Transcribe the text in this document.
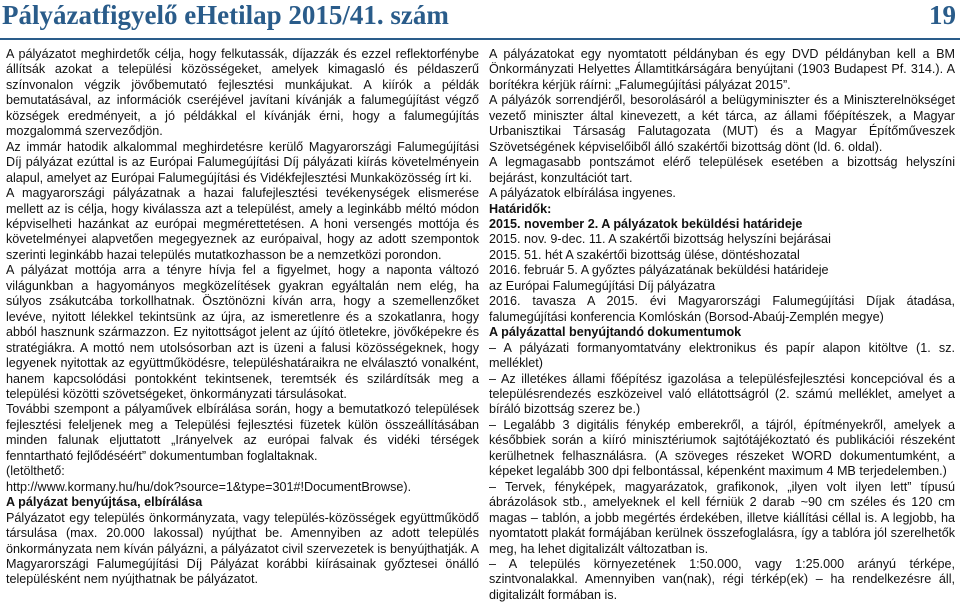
Pályázatfigyelő eHetilap 2015/41. szám	19

A pályázatot meghirdetők célja, hogy felkutassák, díjazzák és ezzel reflektorfénybe állítsák azokat a települési közösségeket, amelyek kimagasló és példaszerű színvonalon végzik jövőbemutató fejlesztési munkájukat. A kiírók a példák bemutatásával, az információk cseréjével javítani kívánják a falumegújítást végző községek eredményeit, a jó példákkal el kívánják érni, hogy a falumegújítás mozgalommá szerveződjön.

Az immár hatodik alkalommal meghirdetésre kerülő Magyarországi Falumegújítási Díj pályázat ezúttal is az Európai Falumegújítási Díj pályázati kiírás követelményein alapul, amelyet az Európai Falumegújítási és Vidékfejlesztési Munkaközösség írt ki.

A magyarországi pályázatnak a hazai falufejlesztési tevékenységek elismerése mellett az is célja, hogy kiválassza azt a települést, amely a leginkább méltó módon képviselheti hazánkat az európai megmérettetésen. A honi versengés mottója és követelményei alapvetően megegyeznek az európaival, hogy az adott szempontok szerinti leginkább hazai település mutatkozhasson be a nemzetközi porondon.

A pályázat mottója arra a tényre hívja fel a figyelmet, hogy a naponta változó világunkban a hagyományos megközelítések gyakran egyáltalán nem elég, ha súlyos zsákutcába torkollhatnak. Ösztönözni kíván arra, hogy a szemellenzőket levéve, nyitott lélekkel tekintsünk az újra, az ismeretlenre és a szokatlanra, hogy abból hasznunk származzon. Ez nyitottságot jelent az újító ötletekre, jövőképekre és stratégiákra. A mottó nem utolsósorban azt is üzeni a falusi közösségeknek, hogy legyenek nyitottak az együttműködésre, településhatáraikra ne elválasztó vonalként, hanem kapcsolódási pontokként tekintsenek, teremtsék és szilárdítsák meg a települési közötti szövetségeket, önkormányzati társulásokat.

További szempont a pályaművek elbírálása során, hogy a bemutatkozó települések fejlesztési feleljenek meg a Települési fejlesztési füzetek külön összeállításában minden falunak eljuttatott „Irányelvek az európai falvak és vidéki térségek fenntartható fejlődéséért” dokumentumban foglaltaknak.

(letölthető:

http://www.kormany.hu/hu/dok?source=1&type=301#!DocumentBrowse).

A pályázat benyújtása, elbírálása

Pályázatot egy település önkormányzata, vagy település-közösségek együttműködő társulása (max. 20.000 lakossal) nyújthat be. Amennyiben az adott település önkormányzata nem kíván pályázni, a pályázatot civil szervezetek is benyújthatják. A Magyarországi Falumegújítási Díj Pályázat korábbi kiírásainak győztesei önálló településként nem nyújthatnak be pályázatot.

A pályázatokat egy nyomtatott példányban és egy DVD példányban kell a BM Önkormányzati Helyettes Államtitkárságára benyújtani (1903 Budapest Pf. 314.). A borítékra kérjük ráírni: „Falumegújítási pályázat 2015”.

A pályázók sorrendjéről, besorolásáról a belügyminiszter és a Miniszterelnökséget vezető miniszter által kinevezett, a két tárca, az állami főépítészek, a Magyar Urbanisztikai Társaság Falutagozata (MUT) és a Magyar Építőműveszek Szövetségének képviselőiből álló szakértői bizottság dönt (ld. 6. oldal).

A legmagasabb pontszámot elérő települések esetében a bizottság helyszíni bejárást, konzultációt tart.

A pályázatok elbírálása ingyenes.

Határidők:

2015. november 2. A pályázatok beküldési határideje

2015. nov. 9-dec. 11. A szakértői bizottság helyszíni bejárásai

2015. 51. hét A szakértői bizottság ülése, döntéshozatal

2016. február 5. A győztes pályázatának beküldési határideje

az Európai Falumegújítási Díj pályázatra

2016. tavasza A 2015. évi Magyarországi Falumegújítási Díjak átadása, falumegújítási konferencia Komlóskán (Borsod-Abaúj-Zemplén megye)

A pályázattal benyújtandó dokumentumok

– A pályázati formanyomtatvány elektronikus és papír alapon kitöltve (1. sz. melléklet)

– Az illetékes állami főépítész igazolása a településfejlesztési koncepcióval és a településrendezés eszközeivel való ellátottságról (2. számú melléklet, amelyet a bíráló bizottság szerez be.)

– Legalább 3 digitális fénykép emberekről, a tájról, építményekről, amelyek a későbbiek során a kiíró minisztériumok sajtótájékoztató és publikációi részeként kerülhetnek felhasználásra. (A szöveges részeket WORD dokumentumként, a képeket legalább 300 dpi felbontással, képenként maximum 4 MB terjedelemben.)

– Tervek, fényképek, magyarázatok, grafikonok, „ilyen volt ilyen lett” típusú ábrázolások stb., amelyeknek el kell férniük 2 darab ~90 cm széles és 120 cm magas – tablón, a jobb megértés érdekében, illetve kiállítási céllal is. A legjobb, ha nyomtatott plakát formájában kerülnek összefoglalásra, így a tablóra jól szerelhetők meg, ha lehet digitalizált változatban is.

– A település környezetének 1:50.000, vagy 1:25.000 arányú térképe, szintvonalakkal. Amennyiben van(nak), régi térkép(ek) – ha rendelkezésre áll, digitalizált formában is.
